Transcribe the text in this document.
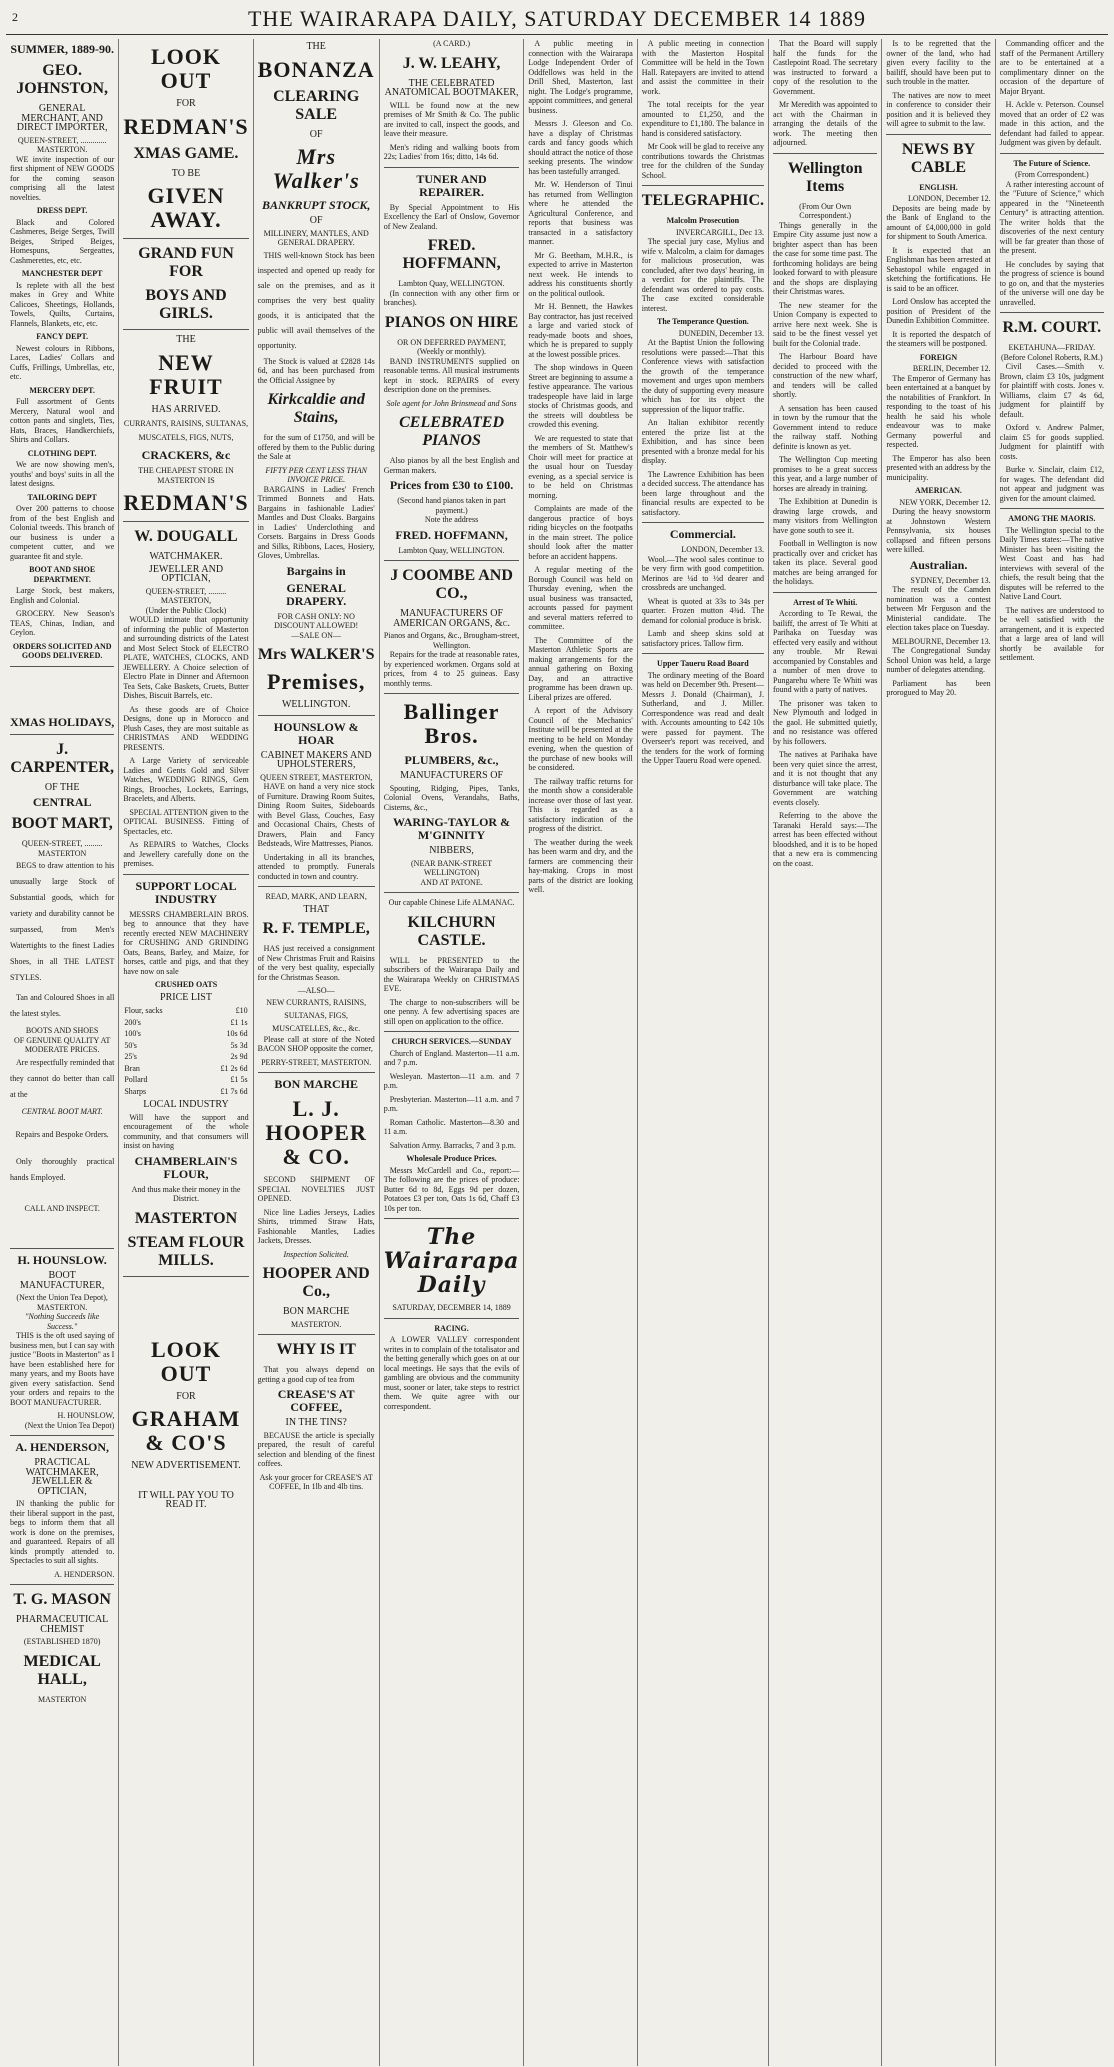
2	THE WAIRARAPA DAILY, SATURDAY DECEMBER 14 1889
SUMMER, 1889-90.
GEO. JOHNSTON,
GENERAL MERCHANT, AND DIRECT IMPORTER,
QUEEN-STREET, ............. MASTERTON.

WE invite inspection of our first shipment of NEW GOODS for the coming season comprising all the latest novelties.

DRESS DEPT.

Black and Colored Cashmeres, Beige Serges, Twill Beiges, Striped Beiges, Homespuns, Sergeattes, Cashmerettes, etc, etc.

MANCHESTER DEPT

Is replete with all the best makes in Grey and White Calicoes, Sheetings, Hollands, Towels, Quilts, Curtains, Flannels, Blankets, etc, etc.

FANCY DEPT.

Newest colours in Ribbons, Laces, Ladies' Collars and Cuffs, Frillings, Umbrellas, etc, etc.

MERCERY DEPT.

Full assortment of Gents Mercery, Natural wool and cotton pants and singlets, Ties, Hats, Braces, Handkerchiefs, Shirts and Collars.

CLOTHING DEPT.

We are now showing men's, youths' and boys' suits in all the latest designs.

TAILORING DEPT

Over 200 patterns to choose from of the best English and Colonial tweeds. This branch of our business is under a competent cutter, and we guarantee fit and style.

BOOT AND SHOE DEPARTMENT.

Large Stock, best makers, English and Colonial.

GROCERY. New Season's TEAS, Chinas, Indian, and Ceylon.

ORDERS SOLICITED AND GOODS DELIVERED.
XMAS HOLIDAYS,
J. CARPENTER,
OF THE
CENTRAL
BOOT MART,
QUEEN-STREET, ......... MASTERTON

BEGS to draw attention to his unusually large Stock of Substantial goods, which for variety and durability cannot be surpassed, from Men's Watertights to the finest Ladies Shoes, in all THE LATEST STYLES.

Tan and Coloured Shoes in all the latest styles.

BOOTS AND SHOES
OF GENUINE QUALITY AT
MODERATE PRICES.

Are respectfully reminded that they cannot do better than call at the

CENTRAL BOOT MART.
Repairs and Bespoke Orders.

Only thoroughly practical hands Employed.

CALL AND INSPECT.
H. HOUNSLOW.
BOOT MANUFACTURER,
(Next the Union Tea Depot), MASTERTON.
"Nothing Succeeds like Success."

THIS is the oft used saying of business men, but I can say with justice "Boots in Masterton" as I have been established here for many years, and my Boots have given every satisfaction. Send your orders and repairs to the BOOT MANUFACTURER.

H. HOUNSLOW,
(Next the Union Tea Depot)
A. HENDERSON,
PRACTICAL WATCHMAKER, JEWELLER & OPTICIAN,

IN thanking the public for their liberal support in the past, begs to inform them that all work is done on the premises, and guaranteed. Repairs of all kinds promptly attended to. Spectacles to suit all sights.

A. HENDERSON.
T. G. MASON
PHARMACEUTICAL CHEMIST
(ESTABLISHED 1870)
MEDICAL HALL,
MASTERTON
LOOK OUT
FOR
REDMAN'S
XMAS GAME.
TO BE
GIVEN AWAY.
GRAND FUN FOR
BOYS AND GIRLS.
THE
NEW FRUIT
HAS ARRIVED.
CURRANTS, RAISINS, SULTANAS, MUSCATELS, FIGS, NUTS,
CRACKERS, &c
THE CHEAPEST STORE IN MASTERTON IS
REDMAN'S
W. DOUGALL
WATCHMAKER.
JEWELLER AND OPTICIAN,
QUEEN-STREET, ......... MASTERTON,
(Under the Public Clock)

WOULD intimate that opportunity of informing the public of Masterton and surrounding districts of the Latest and Most Select Stock of ELECTRO PLATE, WATCHES, CLOCKS, AND JEWELLERY. A Choice selection of Electro Plate in Dinner and Afternoon Tea Sets, Cake Baskets, Cruets, Butter Dishes, Biscuit Barrels, etc.

As these goods are of Choice Designs, done up in Morocco and Plush Cases, they are most suitable as CHRISTMAS AND WEDDING PRESENTS.

A Large Variety of serviceable Ladies and Gents Gold and Silver Watches, WEDDING RINGS, Gem Rings, Brooches, Lockets, Earrings, Bracelets, and Alberts.

SPECIAL ATTENTION given to the OPTICAL BUSINESS. Fitting of Spectacles, etc.

As REPAIRS to Watches, Clocks and Jewellery carefully done on the premises.

SUPPORT LOCAL INDUSTRY

MESSRS CHAMBERLAIN BROS. beg to announce that they have recently erected NEW MACHINERY for CRUSHING AND GRINDING Oats, Beans, Barley, and Maize, for horses, cattle and pigs, and that they have now on sale

CRUSHED OATS
PRICE LIST
Flour, sacks	£10
200's	£1 1s
100's	10s 6d
50's	5s 3d
25's	2s 9d
Bran	£1 2s 6d
Pollard	£1 5s
Sharps	£1 7s 6d
LOCAL INDUSTRY

Will have the support and encouragement of the whole community, and that consumers will insist on having

CHAMBERLAIN'S FLOUR,
And thus make their money in the District.
MASTERTON
STEAM FLOUR MILLS.
LOOK OUT
FOR
GRAHAM & CO'S
NEW ADVERTISEMENT.
IT WILL PAY YOU TO READ IT.
THE
BONANZA
CLEARING SALE
OF
Mrs Walker's
BANKRUPT STOCK,
OF
MILLINERY, MANTLES, AND GENERAL DRAPERY.

THIS well-known Stock has been inspected and opened up ready for sale on the premises, and as it comprises the very best quality goods, it is anticipated that the public will avail themselves of the opportunity.

The Stock is valued at £2828 14s 6d, and has been purchased from the Official Assignee by

Kirkcaldie and Stains,

for the sum of £1750, and will be offered by them to the Public during the Sale at

FIFTY PER CENT LESS THAN INVOICE PRICE.

BARGAINS in Ladies' French Trimmed Bonnets and Hats. Bargains in fashionable Ladies' Mantles and Dust Cloaks. Bargains in Ladies' Underclothing and Corsets. Bargains in Dress Goods and Silks, Ribbons, Laces, Hosiery, Gloves, Umbrellas.

Bargains in
GENERAL DRAPERY.
FOR CASH ONLY: NO DISCOUNT ALLOWED!
—SALE ON—
Mrs WALKER'S
Premises,
WELLINGTON.
HOUNSLOW & HOAR
CABINET MAKERS AND UPHOLSTERERS,
QUEEN STREET, MASTERTON,

HAVE on hand a very nice stock of Furniture. Drawing Room Suites, Dining Room Suites, Sideboards with Bevel Glass, Couches, Easy and Occasional Chairs, Chests of Drawers, Plain and Fancy Bedsteads, Wire Mattresses, Pianos.

Undertaking in all its branches, attended to promptly. Funerals conducted in town and country.

READ, MARK, AND LEARN,
THAT
R. F. TEMPLE,

HAS just received a consignment of New Christmas Fruit and Raisins of the very best quality, especially for the Christmas Season.

—ALSO—
NEW CURRANTS, RAISINS, SULTANAS, FIGS, MUSCATELLES, &c., &c.

Please call at store of the Noted BACON SHOP opposite the corner,

PERRY-STREET, MASTERTON.
BON MARCHE
L. J. HOOPER & CO.

SECOND SHIPMENT OF SPECIAL NOVELTIES JUST OPENED.

Nice line Ladies Jerseys, Ladies Shirts, trimmed Straw Hats, Fashionable Mantles, Ladies Jackets, Dresses.

Inspection Solicited.
HOOPER AND Co.,
BON MARCHE
MASTERTON.
WHY IS IT

That you always depend on getting a good cup of tea from

CREASE'S AT COFFEE,
IN THE TINS?

BECAUSE the article is specially prepared, the result of careful selection and blending of the finest coffees.

Ask your grocer for CREASE'S AT COFFEE, In 1lb and 4lb tins.
(A CARD.)
J. W. LEAHY,
THE CELEBRATED ANATOMICAL BOOTMAKER,

WILL be found now at the new premises of Mr Smith & Co. The public are invited to call, inspect the goods, and leave their measure.

Men's riding and walking boots from 22s; Ladies' from 16s; ditto, 14s 6d.

TUNER AND REPAIRER.

By Special Appointment to His Excellency the Earl of Onslow, Governor of New Zealand.

FRED. HOFFMANN,
Lambton Quay, WELLINGTON.

(In connection with any other firm or branches).

PIANOS ON HIRE
OR ON DEFERRED PAYMENT, (Weekly or monthly).

BAND INSTRUMENTS supplied on reasonable terms. All musical instruments kept in stock. REPAIRS of every description done on the premises.

Sole agent for John Brinsmead and Sons
CELEBRATED PIANOS

Also pianos by all the best English and German makers.

Prices from £30 to £100.
(Second hand pianos taken in part payment.)
Note the address
FRED. HOFFMANN,
Lambton Quay, WELLINGTON.
J COOMBE AND CO.,
MANUFACTURERS OF AMERICAN ORGANS, &c.
Pianos and Organs, &c., Brougham-street, Wellington.

Repairs for the trade at reasonable rates, by experienced workmen. Organs sold at prices, from 4 to 25 guineas. Easy monthly terms.

Ballinger Bros.
PLUMBERS, &c.,
MANUFACTURERS OF

Spouting, Ridging, Pipes, Tanks, Colonial Ovens, Verandahs, Baths, Cisterns, &c.,

WARING-TAYLOR & M'GINNITY
NIBBERS,
(NEAR BANK-STREET WELLINGTON)
AND AT PATONE.
Our capable Chinese Life ALMANAC.
KILCHURN CASTLE.

WILL be PRESENTED to the subscribers of the Wairarapa Daily and the Wairarapa Weekly on CHRISTMAS EVE.

The charge to non-subscribers will be one penny. A few advertising spaces are still open on application to the office.

CHURCH SERVICES.—SUNDAY

Church of England. Masterton—11 a.m. and 7 p.m.

Wesleyan. Masterton—11 a.m. and 7 p.m.

Presbyterian. Masterton—11 a.m. and 7 p.m.

Roman Catholic. Masterton—8.30 and 11 a.m.

Salvation Army. Barracks, 7 and 3 p.m.

Wholesale Produce Prices.

Messrs McCardell and Co., report:—The following are the prices of produce: Butter 6d to 8d, Eggs 9d per dozen, Potatoes £3 per ton, Oats 1s 6d, Chaff £3 10s per ton.

The Wairarapa Daily
SATURDAY, DECEMBER 14, 1889
RACING.

A LOWER VALLEY correspondent writes in to complain of the totalisator and the betting generally which goes on at our local meetings. He says that the evils of gambling are obvious and the community must, sooner or later, take steps to restrict them. We quite agree with our correspondent.

A public meeting in connection with the Wairarapa Lodge Independent Order of Oddfellows was held in the Drill Shed, Masterton, last night. The Lodge's programme, appoint committees, and general business.

Messrs J. Gleeson and Co. have a display of Christmas cards and fancy goods which should attract the notice of those seeking presents. The window has been tastefully arranged.

Mr. W. Henderson of Tinui has returned from Wellington where he attended the Agricultural Conference, and reports that business was transacted in a satisfactory manner.

Mr G. Beetham, M.H.R., is expected to arrive in Masterton next week. He intends to address his constituents shortly on the political outlook.

Mr H. Bennett, the Hawkes Bay contractor, has just received a large and varied stock of ready-made boots and shoes, which he is prepared to supply at the lowest possible prices.

The shop windows in Queen Street are beginning to assume a festive appearance. The various tradespeople have laid in large stocks of Christmas goods, and the streets will doubtless be crowded this evening.

We are requested to state that the members of St. Matthew's Choir will meet for practice at the usual hour on Tuesday evening, as a special service is to be held on Christmas morning.

Complaints are made of the dangerous practice of boys riding bicycles on the footpaths in the main street. The police should look after the matter before an accident happens.

A regular meeting of the Borough Council was held on Thursday evening, when the usual business was transacted, accounts passed for payment and several matters referred to committee.

The Committee of the Masterton Athletic Sports are making arrangements for the annual gathering on Boxing Day, and an attractive programme has been drawn up. Liberal prizes are offered.

A report of the Advisory Council of the Mechanics' Institute will be presented at the meeting to be held on Monday evening, when the question of the purchase of new books will be considered.

The railway traffic returns for the month show a considerable increase over those of last year. This is regarded as a satisfactory indication of the progress of the district.

The weather during the week has been warm and dry, and the farmers are commencing their hay-making. Crops in most parts of the district are looking well.

A public meeting in connection with the Masterton Hospital Committee will be held in the Town Hall. Ratepayers are invited to attend and assist the committee in their work.

The total receipts for the year amounted to £1,250, and the expenditure to £1,180. The balance in hand is considered satisfactory.

Mr Cook will be glad to receive any contributions towards the Christmas tree for the children of the Sunday School.

TELEGRAPHIC.
Malcolm Prosecution
INVERCARGILL, Dec 13.

The special jury case, Mylius and wife v. Malcolm, a claim for damages for malicious prosecution, was concluded, after two days' hearing, in a verdict for the plaintiffs. The defendant was ordered to pay costs. The case excited considerable interest.

The Temperance Question.
DUNEDIN, December 13.

At the Baptist Union the following resolutions were passed:—That this Conference views with satisfaction the growth of the temperance movement and urges upon members the duty of supporting every measure which has for its object the suppression of the liquor traffic.

An Italian exhibitor recently entered the prize list at the Exhibition, and has since been presented with a bronze medal for his display.

The Lawrence Exhibition has been a decided success. The attendance has been large throughout and the financial results are expected to be satisfactory.

Commercial.
LONDON, December 13.

Wool.—The wool sales continue to be very firm with good competition. Merinos are ¼d to ½d dearer and crossbreds are unchanged.

Wheat is quoted at 33s to 34s per quarter. Frozen mutton 4¾d. The demand for colonial produce is brisk.

Lamb and sheep skins sold at satisfactory prices. Tallow firm.

Upper Taueru Road Board

The ordinary meeting of the Board was held on December 9th. Present—Messrs J. Donald (Chairman), J. Sutherland, and J. Miller. Correspondence was read and dealt with. Accounts amounting to £42 10s were passed for payment. The Overseer's report was received, and the tenders for the work of forming the Upper Taueru Road were opened.

That the Board will supply half the funds for the Castlepoint Road. The secretary was instructed to forward a copy of the resolution to the Government.

Mr Meredith was appointed to act with the Chairman in arranging the details of the work. The meeting then adjourned.

Wellington Items
(From Our Own Correspondent.)

Things generally in the Empire City assume just now a brighter aspect than has been the case for some time past. The forthcoming holidays are being looked forward to with pleasure and the shops are displaying their Christmas wares.

The new steamer for the Union Company is expected to arrive here next week. She is said to be the finest vessel yet built for the Colonial trade.

The Harbour Board have decided to proceed with the construction of the new wharf, and tenders will be called shortly.

A sensation has been caused in town by the rumour that the Government intend to reduce the railway staff. Nothing definite is known as yet.

The Wellington Cup meeting promises to be a great success this year, and a large number of horses are already in training.

The Exhibition at Dunedin is drawing large crowds, and many visitors from Wellington have gone south to see it.

Football in Wellington is now practically over and cricket has taken its place. Several good matches are being arranged for the holidays.

Arrest of Te Whiti.

According to Te Rewai, the bailiff, the arrest of Te Whiti at Parihaka on Tuesday was effected very easily and without any trouble. Mr Rewai accompanied by Constables and a number of men drove to Pungarehu where Te Whiti was found with a party of natives.

The prisoner was taken to New Plymouth and lodged in the gaol. He submitted quietly, and no resistance was offered by his followers.

The natives at Parihaka have been very quiet since the arrest, and it is not thought that any disturbance will take place. The Government are watching events closely.

Referring to the above the Taranaki Herald says:—The arrest has been effected without bloodshed, and it is to be hoped that a new era is commencing on the coast.

Is to be regretted that the owner of the land, who had given every facility to the bailiff, should have been put to such trouble in the matter.

The natives are now to meet in conference to consider their position and it is believed they will agree to submit to the law.

NEWS BY CABLE
ENGLISH.
LONDON, December 12.

Deposits are being made by the Bank of England to the amount of £4,000,000 in gold for shipment to South America.

It is expected that an Englishman has been arrested at Sebastopol while engaged in sketching the fortifications. He is said to be an officer.

Lord Onslow has accepted the position of President of the Dunedin Exhibition Committee.

It is reported the despatch of the steamers will be postponed.

FOREIGN
BERLIN, December 12.

The Emperor of Germany has been entertained at a banquet by the notabilities of Frankfort. In responding to the toast of his health he said his whole endeavour was to make Germany powerful and respected.

The Emperor has also been presented with an address by the municipality.

AMERICAN.
NEW YORK, December 12.

During the heavy snowstorm at Johnstown Western Pennsylvania, six houses collapsed and fifteen persons were killed.

Australian.
SYDNEY, December 13.

The result of the Camden nomination was a contest between Mr Ferguson and the Ministerial candidate. The election takes place on Tuesday.

MELBOURNE, December 13.

The Congregational Sunday School Union was held, a large number of delegates attending.

Parliament has been prorogued to May 20.

Commanding officer and the staff of the Permanent Artillery are to be entertained at a complimentary dinner on the occasion of the departure of Major Bryant.

H. Ackle v. Peterson. Counsel moved that an order of £2 was made in this action, and the defendant had failed to appear. Judgment was given by default.

The Future of Science.
(From Correspondent.)

A rather interesting account of the "Future of Science," which appeared in the "Nineteenth Century" is attracting attention. The writer holds that the discoveries of the next century will be far greater than those of the present.

He concludes by saying that the progress of science is bound to go on, and that the mysteries of the universe will one day be unravelled.

R.M. COURT.
EKETAHUNA—FRIDAY.
(Before Colonel Roberts, R.M.)

Civil Cases.—Smith v. Brown, claim £3 10s, judgment for plaintiff with costs. Jones v. Williams, claim £7 4s 6d, judgment for plaintiff by default.

Oxford v. Andrew Palmer, claim £5 for goods supplied. Judgment for plaintiff with costs.

Burke v. Sinclair, claim £12, for wages. The defendant did not appear and judgment was given for the amount claimed.

AMONG THE MAORIS.

The Wellington special to the Daily Times states:—The native Minister has been visiting the West Coast and has had interviews with several of the chiefs, the result being that the disputes will be referred to the Native Land Court.

The natives are understood to be well satisfied with the arrangement, and it is expected that a large area of land will shortly be available for settlement.
